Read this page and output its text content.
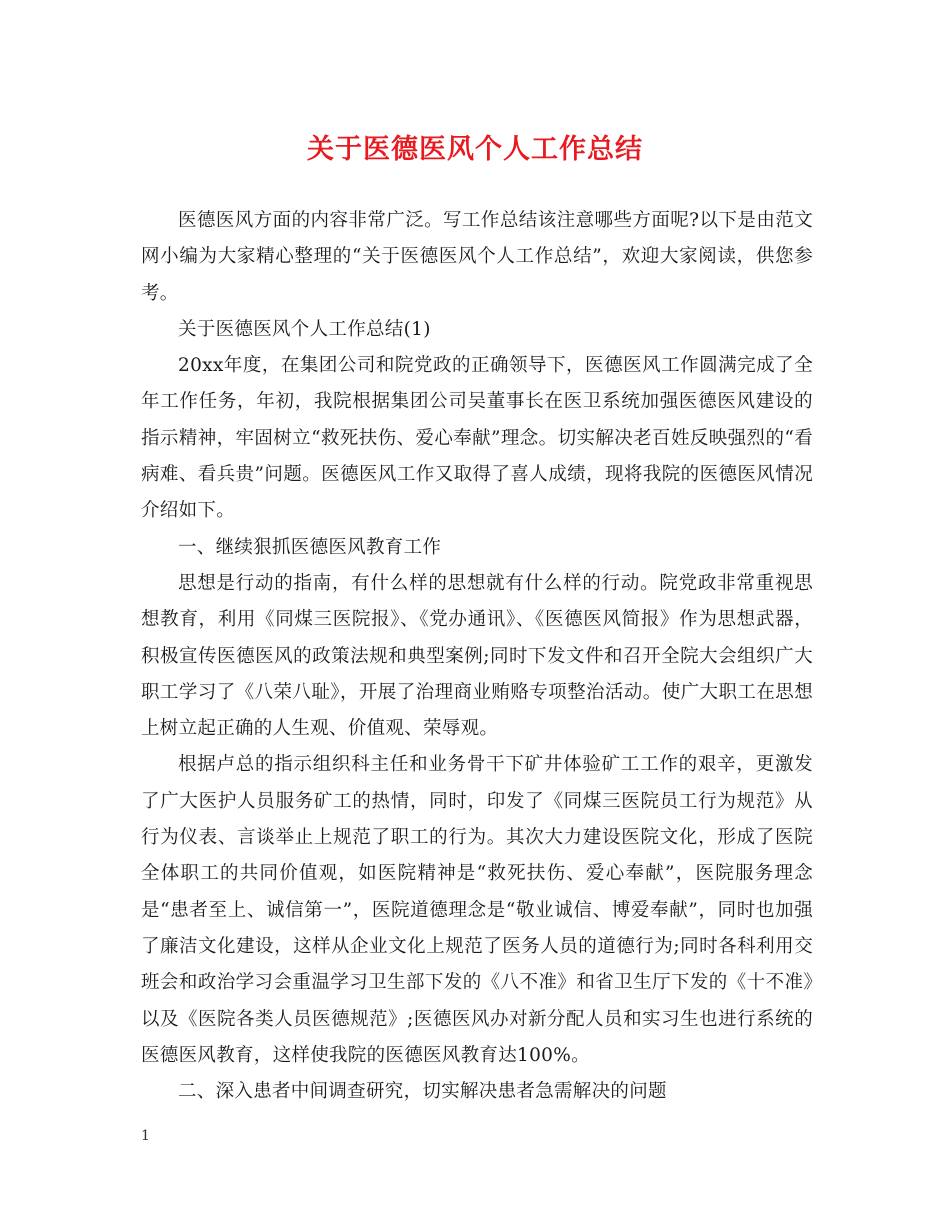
关于医德医风个人工作总结

医德医风方面的内容非常广泛。写工作总结该注意哪些方面呢?以下是由范文网小编为大家精心整理的“关于医德医风个人工作总结”，欢迎大家阅读，供您参考。

关于医德医风个人工作总结(1)

20xx年度，在集团公司和院党政的正确领导下，医德医风工作圆满完成了全年工作任务，年初，我院根据集团公司吴董事长在医卫系统加强医德医风建设的指示精神，牢固树立“救死扶伤、爱心奉献”理念。切实解决老百姓反映强烈的“看病难、看兵贵”问题。医德医风工作又取得了喜人成绩，现将我院的医德医风情况介绍如下。

一、继续狠抓医德医风教育工作

思想是行动的指南，有什么样的思想就有什么样的行动。院党政非常重视思想教育，利用《同煤三医院报》、《党办通讯》、《医德医风简报》作为思想武器，积极宣传医德医风的政策法规和典型案例;同时下发文件和召开全院大会组织广大职工学习了《八荣八耻》，开展了治理商业贿赂专项整治活动。使广大职工在思想上树立起正确的人生观、价值观、荣辱观。

根据卢总的指示组织科主任和业务骨干下矿井体验矿工工作的艰辛，更激发了广大医护人员服务矿工的热情，同时，印发了《同煤三医院员工行为规范》从行为仪表、言谈举止上规范了职工的行为。其次大力建设医院文化，形成了医院全体职工的共同价值观，如医院精神是“救死扶伤、爱心奉献”，医院服务理念是“患者至上、诚信第一”，医院道德理念是“敬业诚信、博爱奉献”，同时也加强了廉洁文化建设，这样从企业文化上规范了医务人员的道德行为;同时各科利用交班会和政治学习会重温学习卫生部下发的《八不准》和省卫生厅下发的《十不准》以及《医院各类人员医德规范》;医德医风办对新分配人员和实习生也进行系统的医德医风教育，这样使我院的医德医风教育达100%。

二、深入患者中间调查研究，切实解决患者急需解决的问题

1
